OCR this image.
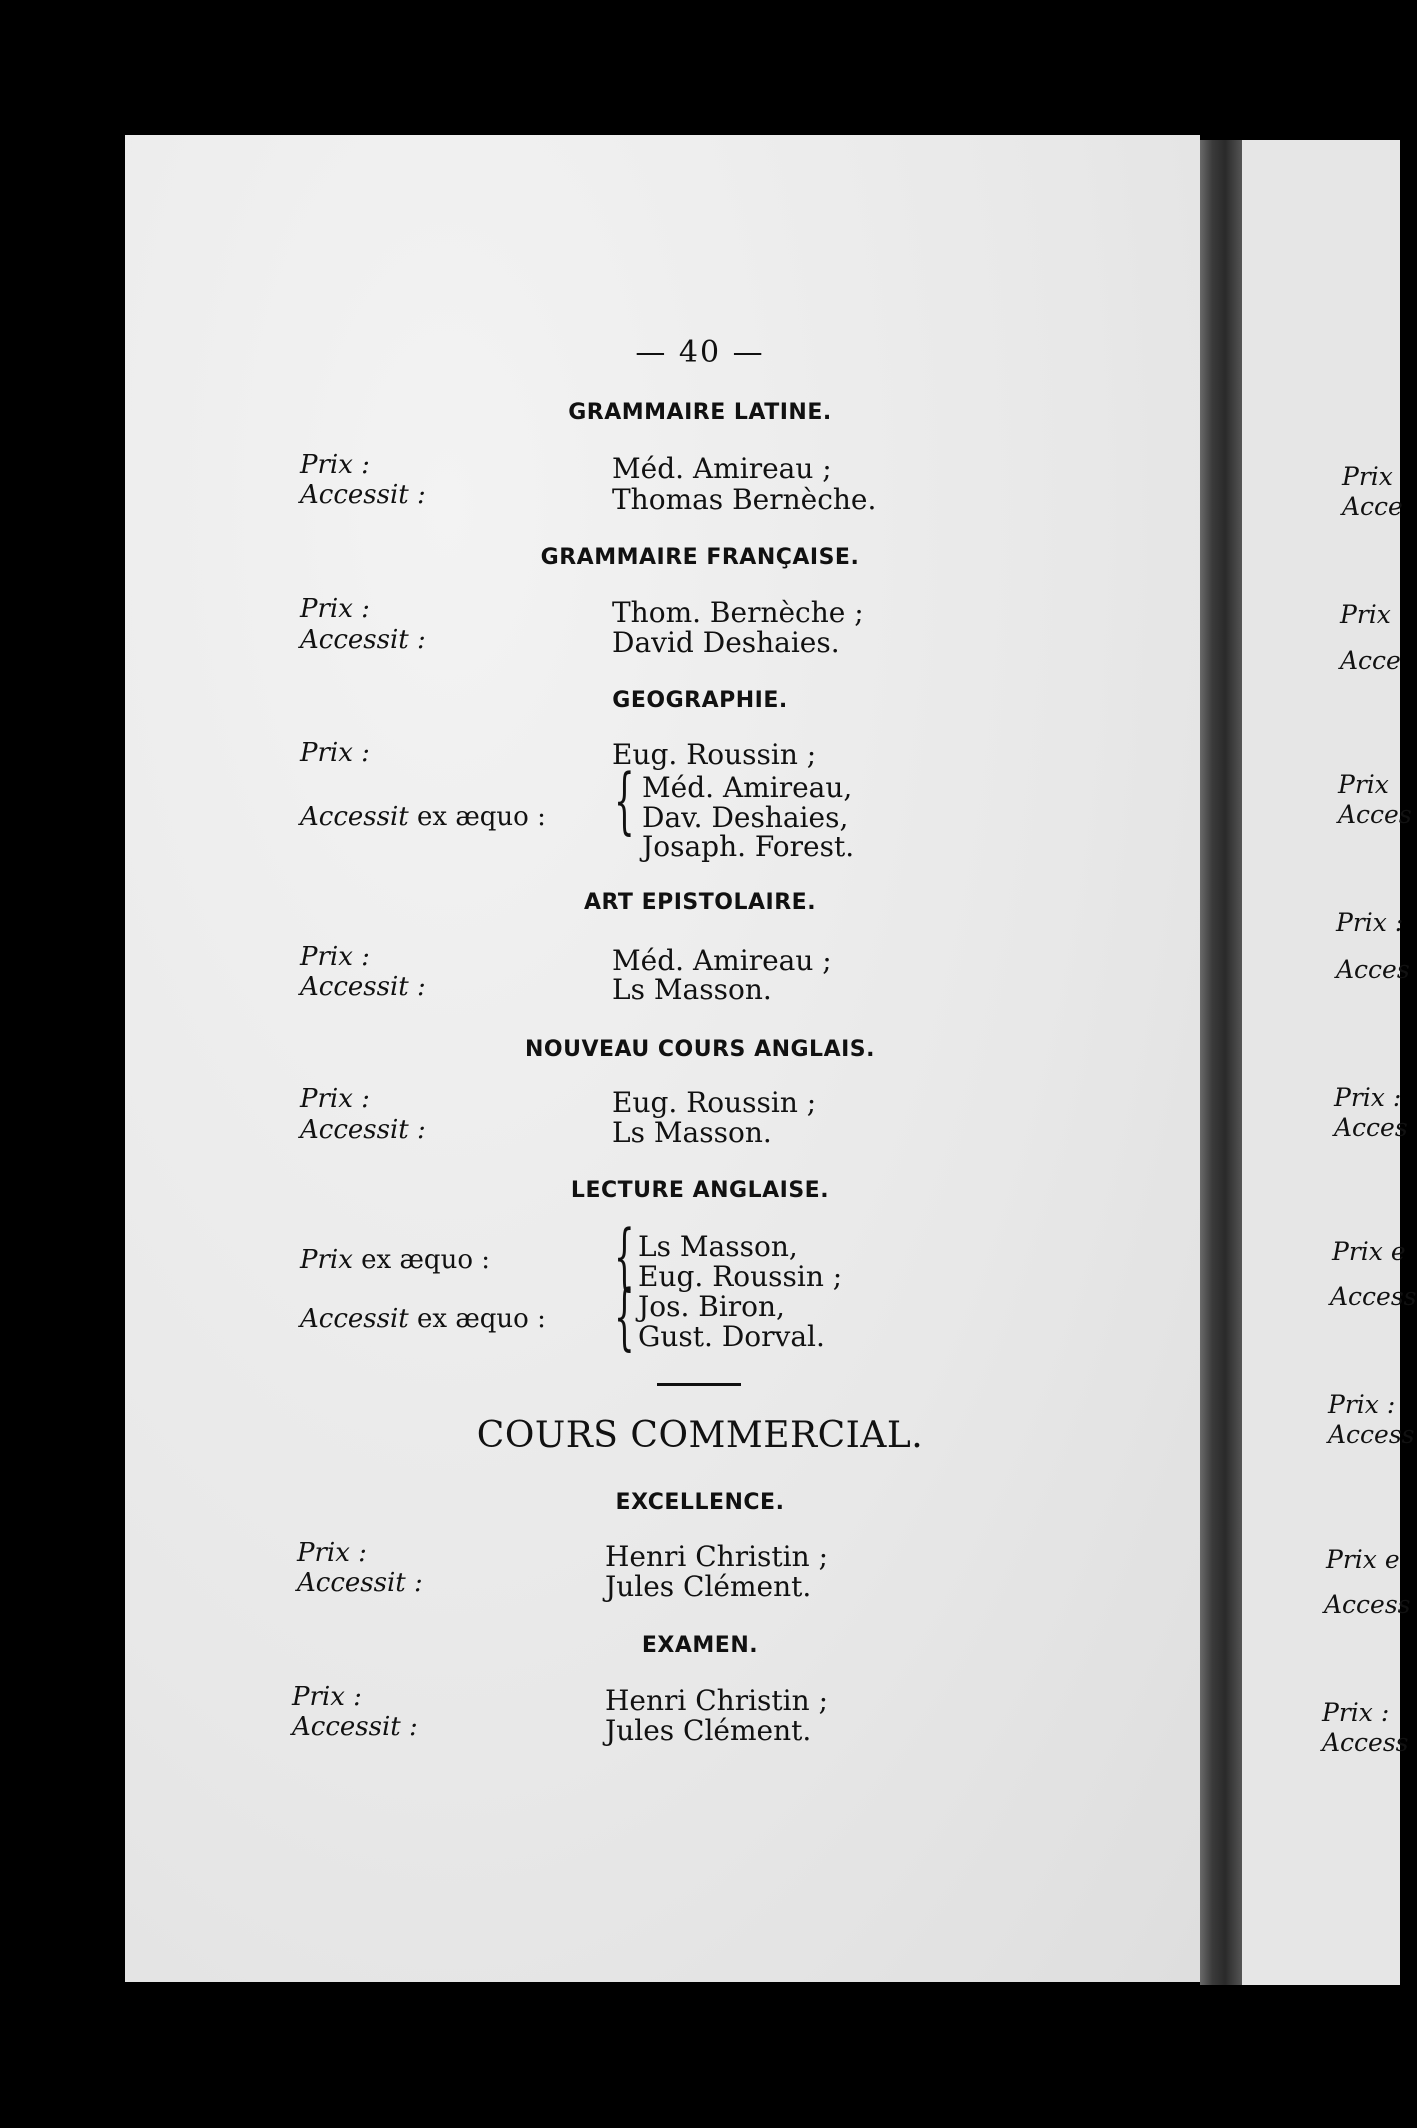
— 40 —
GRAMMAIRE LATINE.
Prix :
Accessit :
Méd. Amireau ;
Thomas Bernèche.
GRAMMAIRE FRANÇAISE.
Prix :
Accessit :
Thom. Bernèche ;
David Deshaies.
GEOGRAPHIE.
Prix :
Accessit ex æquo :
Eug. Roussin ;
{ Méd. Amireau,
Dav. Deshaies,
Josaph. Forest.
ART EPISTOLAIRE.
Prix :
Accessit :
Méd. Amireau ;
Ls Masson.
NOUVEAU COURS ANGLAIS.
Prix :
Accessit :
Eug. Roussin ;
Ls Masson.
LECTURE ANGLAISE.
Prix ex æquo :
Accessit ex æquo :
{
{
Ls Masson,
Eug. Roussin ;
Jos. Biron,
Gust. Dorval.
COURS COMMERCIAL.
EXCELLENCE.
Prix :
Accessit :
Henri Christin ;
Jules Clément.
EXAMEN.
Prix :
Accessit :
Henri Christin ;
Jules Clément.
Prix
Acce
Prix
Acce
Prix
Acces
Prix :
Acces
Prix :
Acces
Prix e
Access
Prix :
Access
Prix e
Access
Prix :
Access
